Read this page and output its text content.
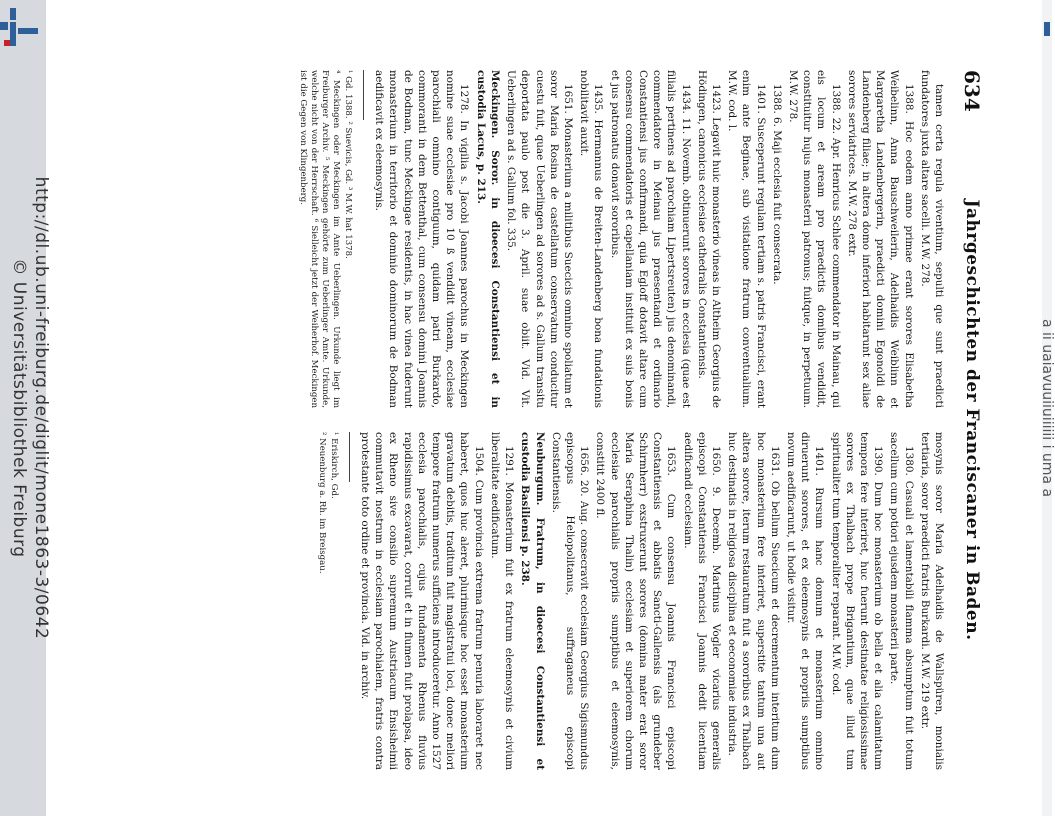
http://dl.ub.uni-freiburg.de/diglit/mone1863-3/0642
© Universitätsbibliothek Freiburg
634
Jahrgeschichten der Franciscaner in Baden.

tamen certa regula viventium, sepulti que sunt praedicti fundatores juxta altare sacelli. M.W. 278.

1388. Hoc eodem anno primae erant sorores Elisabetha Weibelinn, Anna Bauschweilerin, Adelhaidis Weiblinn et Margaretha Landenbergerin, praedicti domini Egonoldi de Landenberg filiae; in altera domo inferiori habitarunt sex aliae sorores serviatrices. M.W. 278 extr.

1388. 22. Apr. Henricus Schlee commendator in Mainau, qui eis locum et aream pro praedictis domibus vendidit, constituitur hujus monasterii patronus; fuitque, in perpetuum. M.W. 278.

1388. 6. Maji ecclesia fuit consecrata.

1401. Susceperunt regulam tertiam s. patris Francisci, erant enim ante Beginae, sub visitatione fratrum conventualium. M.W. cod. l.

1423. Legavit huic monasterio vineas in Altheim Georgius de Hödingen, canonicus ecclesiae cathedralis Constantiensis.

1434. 11. Novemb. obtinuerunt sorores in ecclesia (quae est filialis pertinens ad parochiam Lipertsreuten) jus denominandi, commendatore in Meinau jus praesentandi et ordinario Constantiensi jus confirmandi, quia Egloff dotavit altare cum consensu commendatoris et capellaniam instituit ex suis bonis et jus patronatus donavit sororibus.

1435. Hermannus de Breiten-Landenberg bona fundationis nobilitavit auxit.

1651. Monasterium a militibus Suecicis omnino spoliatum et soror Maria Rosina de castellatum conservatum conducitur cuestu fuit, quae Ueberlingen ad sorores ad s. Gallum transitu deportata paulo post die 3. April. suae obiit. Vid. Vit. Ueberlingen ad s. Gallum fol. 335.

Meckingen. Soror. in dioecesi Constantiensi et in custodia Lacus, p. 213.

1278. In vigilia s. Jacobi Joannes parochus in Meckingen nomine suae ecclesiae pro 10 ß vendidit vineam, ecclesiae parochiali omnino contiguum, quidam patri Burkardo, commoranti in dem Bettenthal, cum consensu domini Joannis de Bodman, tunc Meckingae residentis, in hac vinea fuderunt monasterium in territorio et dominio dominorum de Bodman aedificavit ex eleemosynis.

¹ Gd. 1388. ² Suevicis, Gd. ³ M.W. hat 1378.

⁴ Meckingen oder Meckingen im Amte Ueberlingen. Urkunde liegt im Freiburger Archiv. ⁵ Meckingen gehörte zum Ueberlinger Amte. Urkunde, welche nicht von der Herrschaft. ⁶ Sielleicht jetzt der Weiherhof. Meckingen ist die Gegen von Klingenberg.

mosynis soror Maria Adelhaidis de Wallspüren, monialis tertiaria, soror praedicti fratris Burkardi. M.W. 219 extr.

1380. Casuali et lamentabili flamma absumptum fuit totum sacellum cum potiori ejusdem monasterii parte.

1390. Dum hoc monasterium ob bella et alia calamitatum tempora fere interiret, huc fuerunt destinatae religiosissimae sorores ex Thalbach prope Brigantium, quae illud tum spiritualiter tum temporaliter reparant. M.W. cod.

1401. Rursum hanc domum et monasterium omnino diruerunt sorores, et ex eleemosynis et propriis sumptibus novum aedificarunt, ut hodie visitur.

1631. Ob bellum Suecicum et decrementum interitum dum hoc monasterium fere interiret, superstite tantum una aut altera sorore, iterum restauratum fuit a sororibus ex Thalbach huc destinatis in religiosa disciplina et oeconomiae industria.

1650. 9. Decemb. Martinus Vogler vicarius generalis episcopi Constantiensis Francisci Joannis dedit licentiam aedificandi ecclesiam.

1653. Cum consensu Joannis Francisci episcopi Constantiensis et abbatis Sancti-Gallensis (als grundeber Schirmherr) exstruxerunt sorores (domina mater erat soror Maria Seraphina Thalin) ecclesiam et superiorem chorum ecclesiae parochialis propriis sumptibus et eleemosynis, constitit 2400 fl.

1656. 20. Aug. consecravit ecclesiam Georgius Sigismundus episcopus Heliopolitanus, suffraganeus episcopi Constantiensis.

Neuburgum. Fratrum, in dioecesi Constantiensi et custodia Basiliensi p. 238.

1291. Monasterium fuit ex fratrum eleemosynis et civium liberalitate aedificatum.

1504. Cum provincia extrema fratrum penuria laboraret nec haberet, quos huc aleret, plurimisque hoc esset monasterium gravatum debitis, traditum fuit magistratui loci, donec meliori tempore fratrum numerus sufficiens introduceretur. Anno 1527 ecclesia parochialis, cujus fundamenta Rhenus fluvius rapidissimus excavarat, corruit et in flumen fuit prolapsa, ideo ex Rheno sive consilio supremum Austriacum Ensisheimii commutavit nostrum in ecclesiam parochialem, fratris contra protestante toto ordine et provincia. Vid. in archiv.

¹ Eriskirch, Gd.

² Neuenburg a. Rh. im Breisgau.

a ii uaiavuuiiuiiiiii i uma a
